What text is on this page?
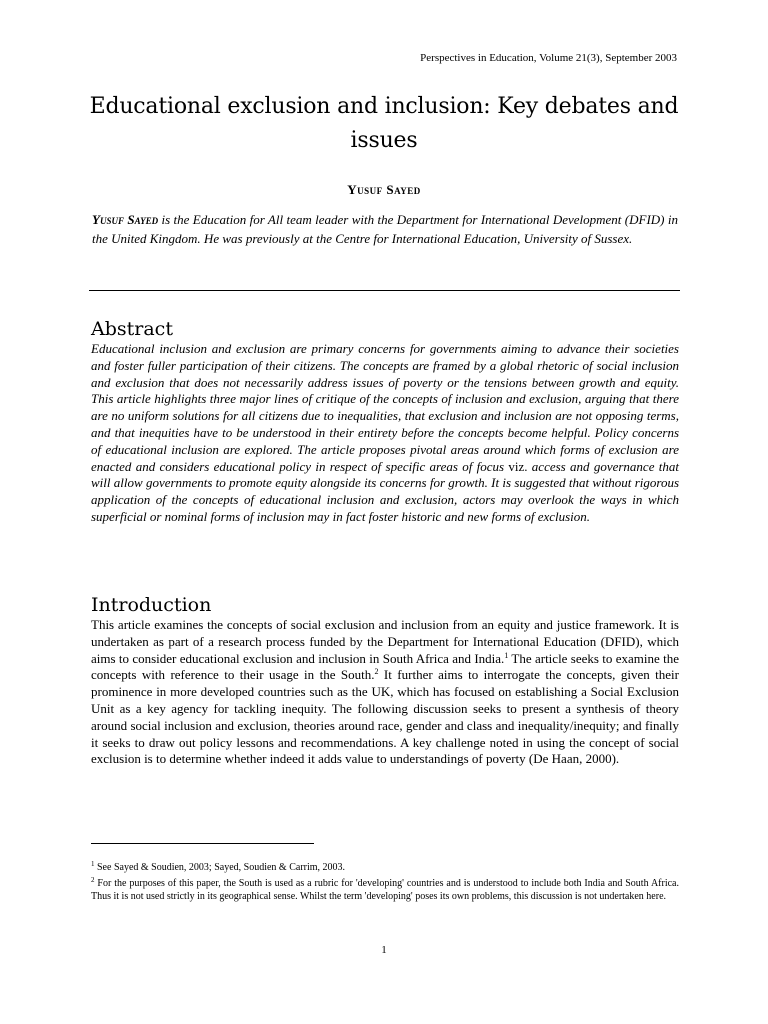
Perspectives in Education, Volume 21(3), September 2003
Educational exclusion and inclusion: Key debates and issues
Yusuf Sayed
Yusuf Sayed is the Education for All team leader with the Department for International Development (DFID) in the United Kingdom. He was previously at the Centre for International Education, University of Sussex.
Abstract
Educational inclusion and exclusion are primary concerns for governments aiming to advance their societies and foster fuller participation of their citizens. The concepts are framed by a global rhetoric of social inclusion and exclusion that does not necessarily address issues of poverty or the tensions between growth and equity. This article highlights three major lines of critique of the concepts of inclusion and exclusion, arguing that there are no uniform solutions for all citizens due to inequalities, that exclusion and inclusion are not opposing terms, and that inequities have to be understood in their entirety before the concepts become helpful. Policy concerns of educational inclusion are explored. The article proposes pivotal areas around which forms of exclusion are enacted and considers educational policy in respect of specific areas of focus viz. access and governance that will allow governments to promote equity alongside its concerns for growth. It is suggested that without rigorous application of the concepts of educational inclusion and exclusion, actors may overlook the ways in which superficial or nominal forms of inclusion may in fact foster historic and new forms of exclusion.
Introduction
This article examines the concepts of social exclusion and inclusion from an equity and justice framework. It is undertaken as part of a research process funded by the Department for International Education (DFID), which aims to consider educational exclusion and inclusion in South Africa and India.$^1$ The article seeks to examine the concepts with reference to their usage in the South.$^2$ It further aims to interrogate the concepts, given their prominence in more developed countries such as the UK, which has focused on establishing a Social Exclusion Unit as a key agency for tackling inequity. The following discussion seeks to present a synthesis of theory around social inclusion and exclusion, theories around race, gender and class and inequality/inequity; and finally it seeks to draw out policy lessons and recommendations. A key challenge noted in using the concept of social exclusion is to determine whether indeed it adds value to understandings of poverty (De Haan, 2000).
$^1$ See Sayed & Soudien, 2003; Sayed, Soudien & Carrim, 2003.
$^2$ For the purposes of this paper, the South is used as a rubric for 'developing' countries and is understood to include both India and South Africa. Thus it is not used strictly in its geographical sense. Whilst the term 'developing' poses its own problems, this discussion is not undertaken here.
1
